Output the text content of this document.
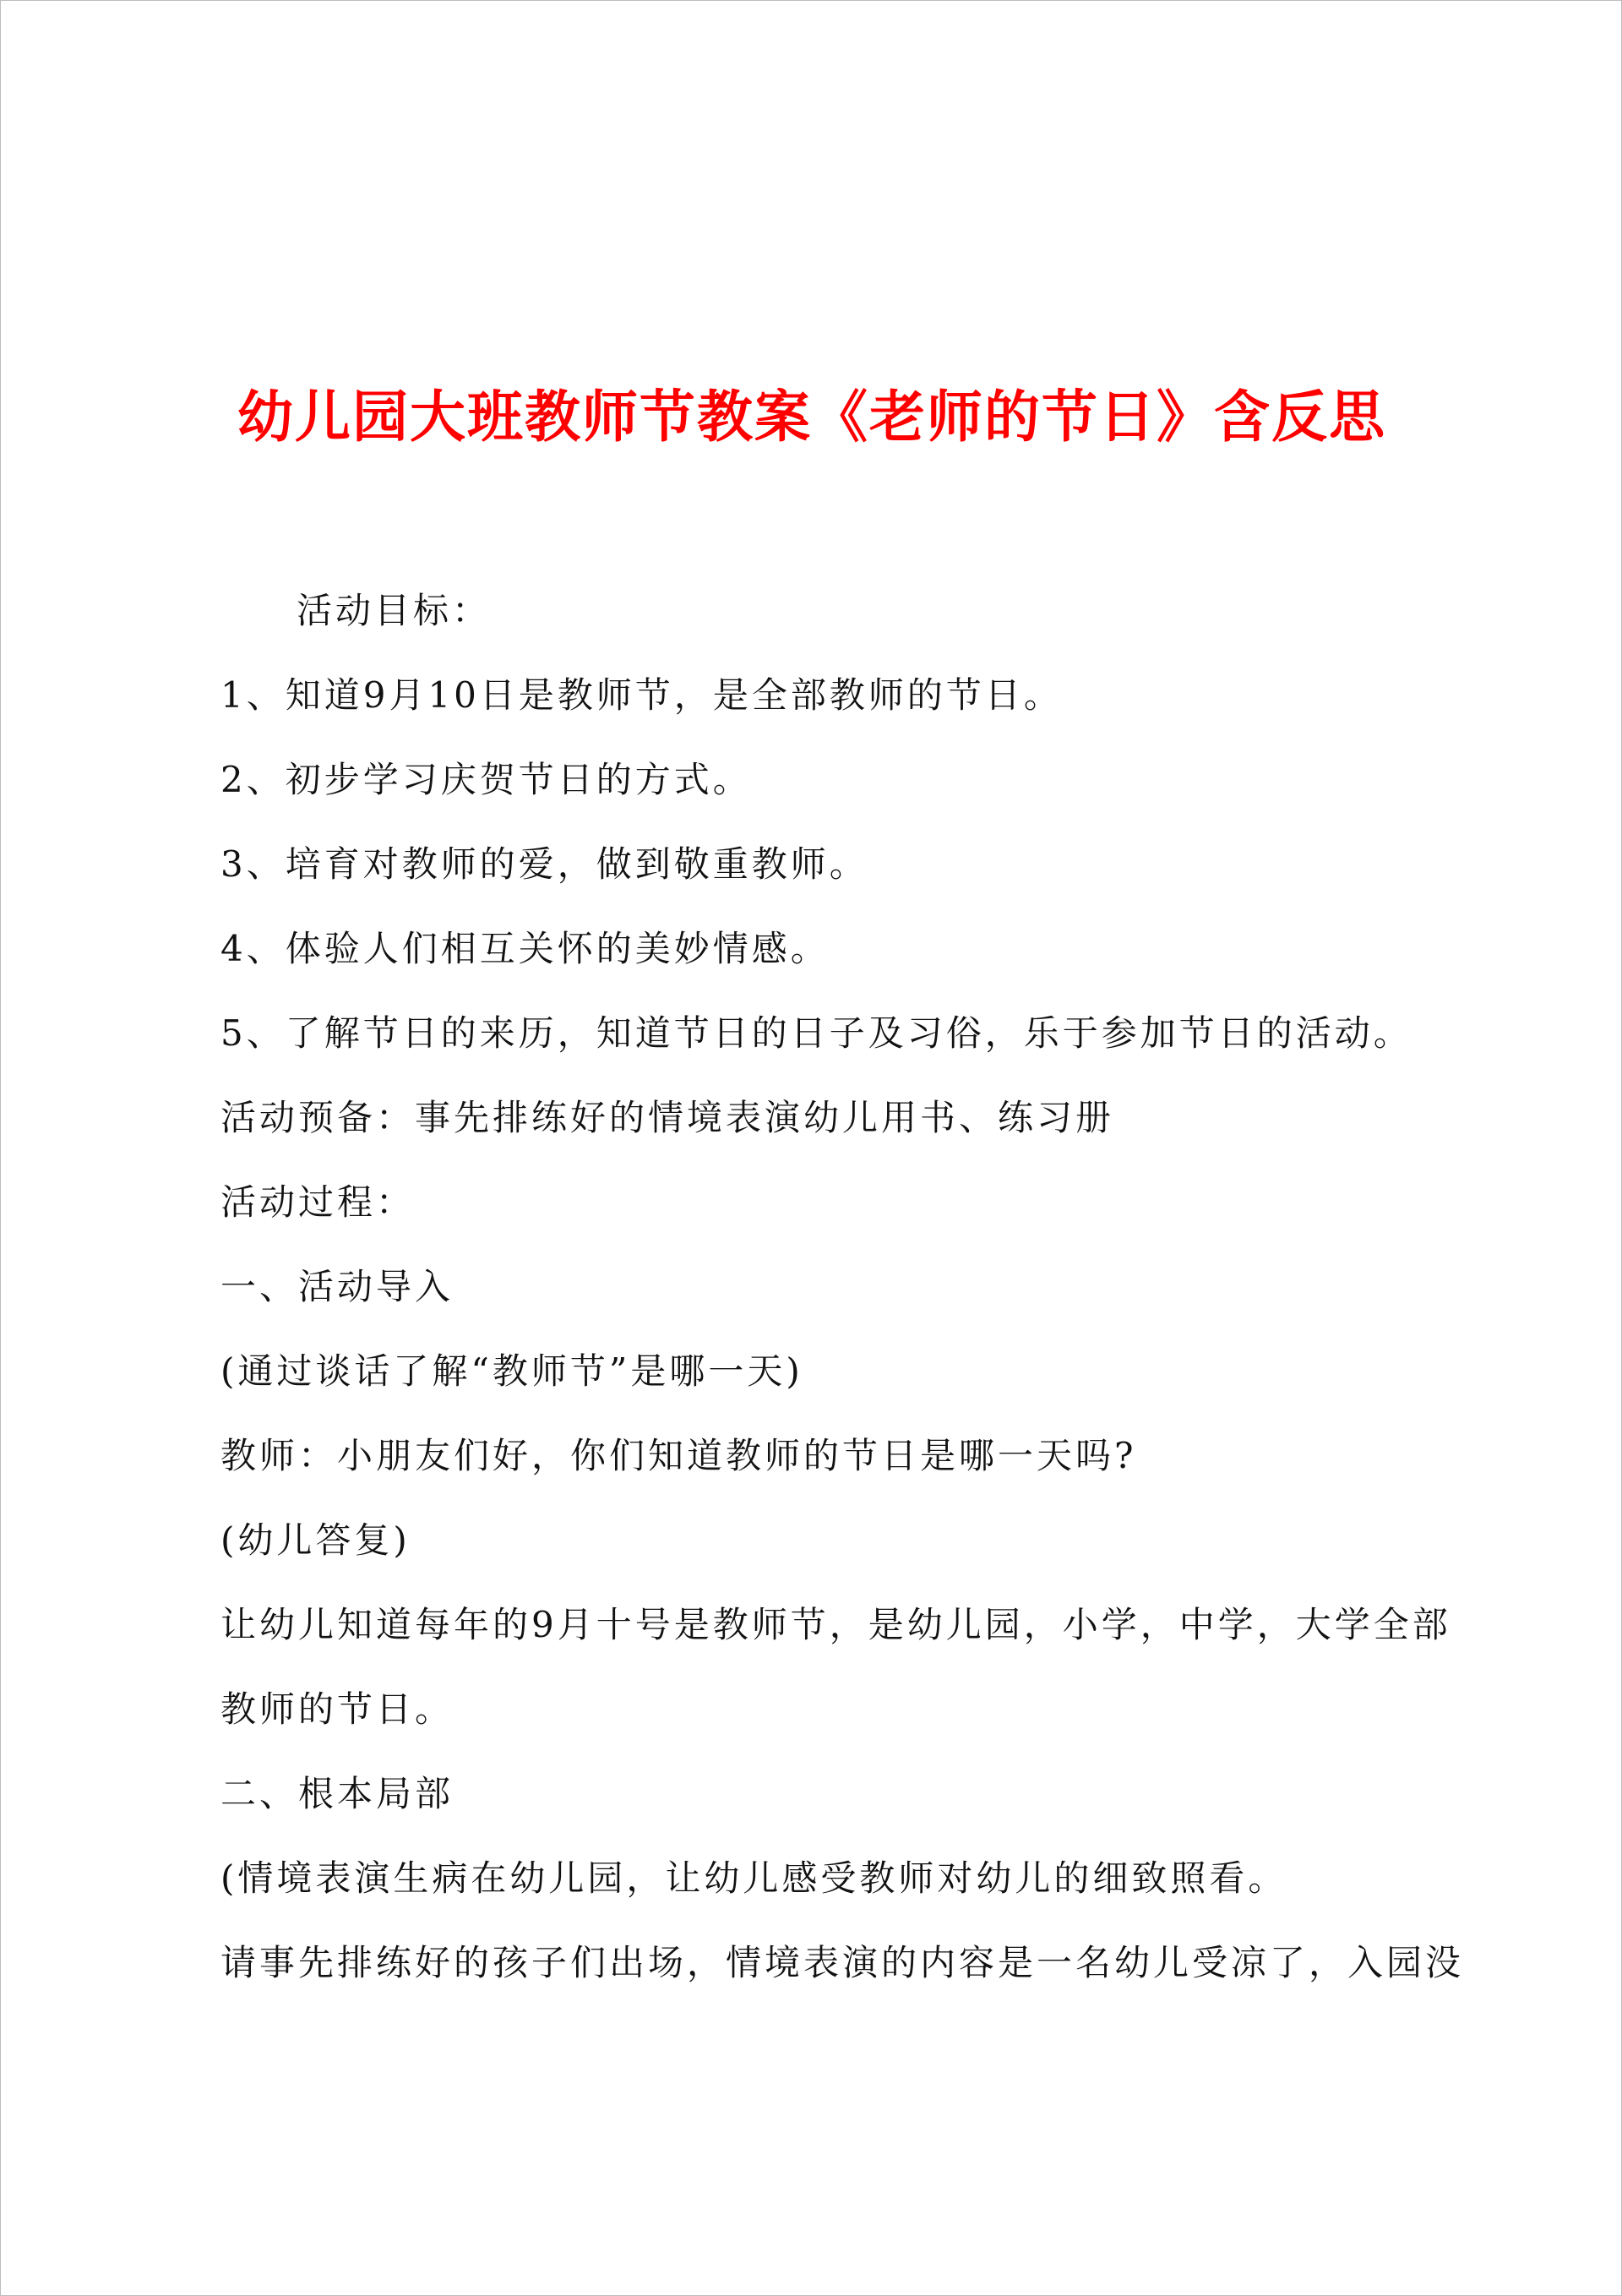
幼儿园大班教师节教案《老师的节日》含反思

活动目标：

1、知道9月10日是教师节，是全部教师的节日。

2、初步学习庆贺节日的方式。

3、培育对教师的爱，做到敬重教师。

4、体验人们相互关怀的美妙情感。

5、了解节日的来历，知道节日的日子及习俗，乐于参加节日的活动。

活动预备：事先排练好的情境表演幼儿用书、练习册

活动过程：

一、活动导入

(通过谈话了解“教师节”是哪一天)

教师：小朋友们好，你们知道教师的节日是哪一天吗?

(幼儿答复)

让幼儿知道每年的9月十号是教师节，是幼儿园，小学，中学，大学全部

教师的节日。

二、根本局部

(情境表演生病在幼儿园，让幼儿感受教师对幼儿的细致照看。

请事先排练好的孩子们出场，情境表演的内容是一名幼儿受凉了，入园没
